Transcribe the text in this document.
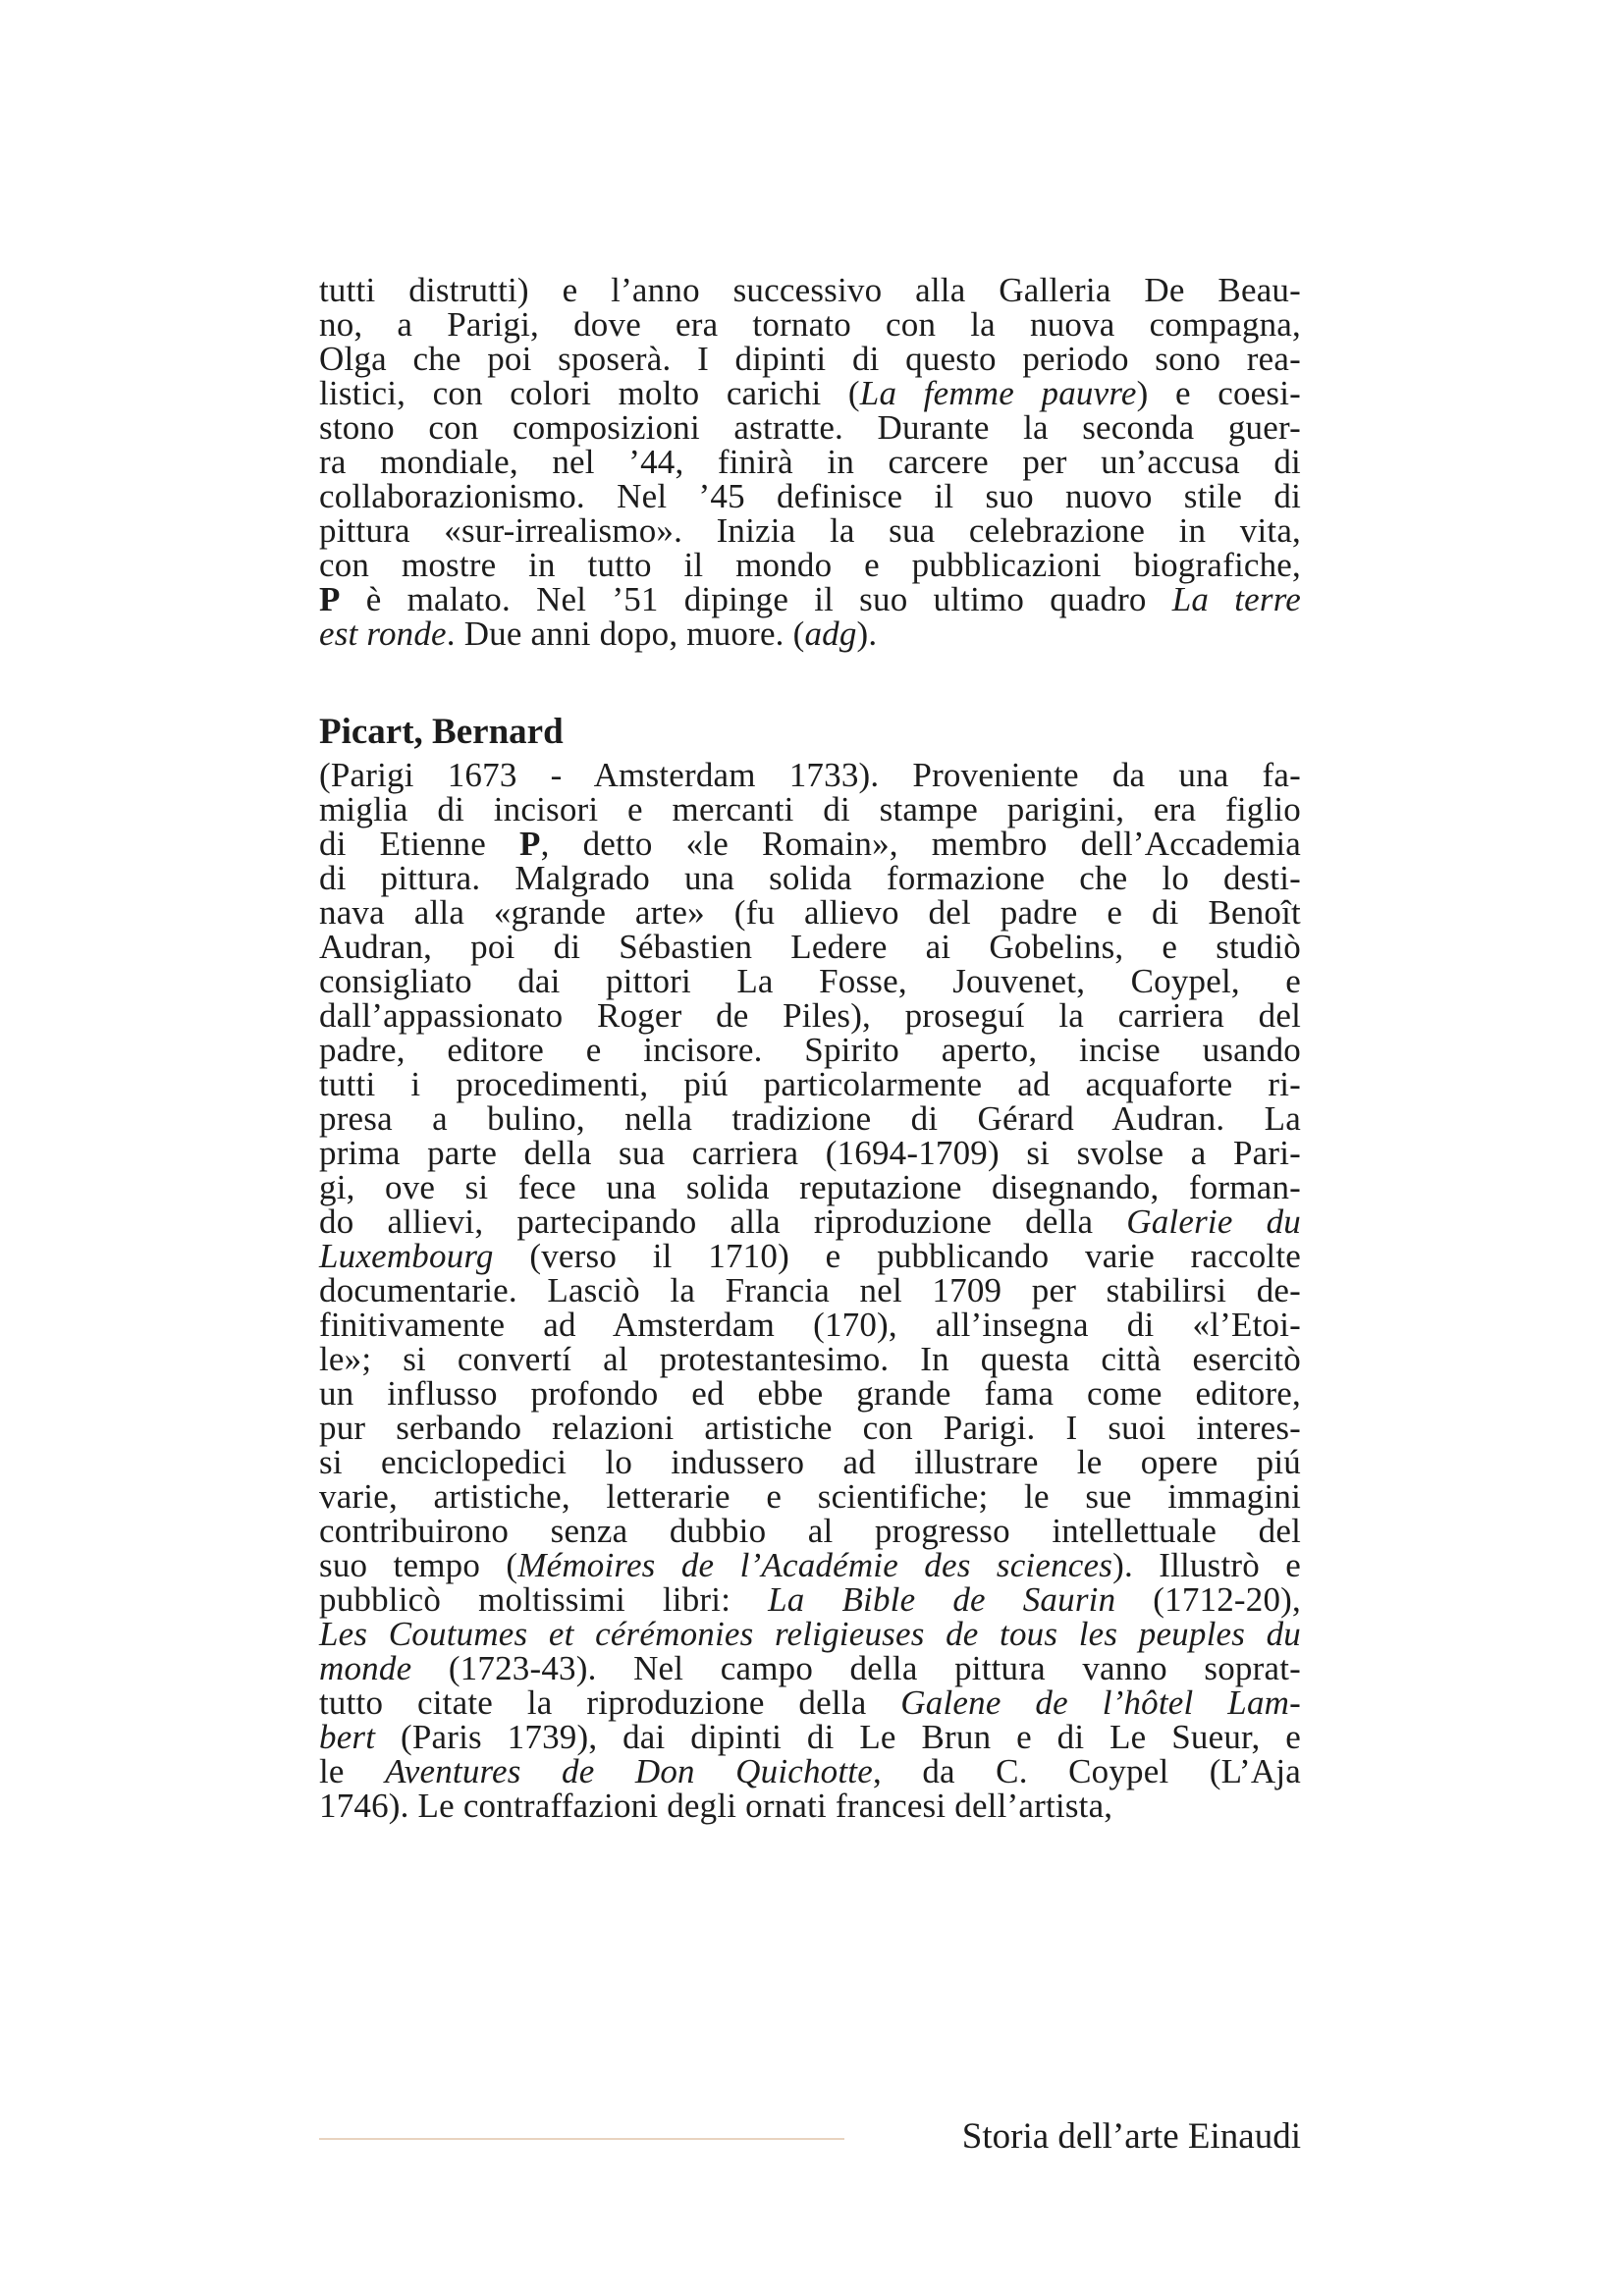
tutti distrutti) e l’anno successivo alla Galleria De Beau-
no, a Parigi, dove era tornato con la nuova compagna,
Olga che poi sposerà. I dipinti di questo periodo sono rea-
listici, con colori molto carichi (La femme pauvre) e coesi-
stono con composizioni astratte. Durante la seconda guer-
ra mondiale, nel ’44, finirà in carcere per un’accusa di
collaborazionismo. Nel ’45 definisce il suo nuovo stile di
pittura «sur-irrealismo». Inizia la sua celebrazione in vita,
con mostre in tutto il mondo e pubblicazioni biografiche,
P è malato. Nel ’51 dipinge il suo ultimo quadro La terre
est ronde. Due anni dopo, muore. (adg).

Picart, Bernard

(Parigi 1673 - Amsterdam 1733). Proveniente da una fa-
miglia di incisori e mercanti di stampe parigini, era figlio
di Etienne P, detto «le Romain», membro dell’Accademia
di pittura. Malgrado una solida formazione che lo desti-
nava alla «grande arte» (fu allievo del padre e di Benoît
Audran, poi di Sébastien Ledere ai Gobelins, e studiò
consigliato dai pittori La Fosse, Jouvenet, Coypel, e
dall’appassionato Roger de Piles), proseguí la carriera del
padre, editore e incisore. Spirito aperto, incise usando
tutti i procedimenti, piú particolarmente ad acquaforte ri-
presa a bulino, nella tradizione di Gérard Audran. La
prima parte della sua carriera (1694-1709) si svolse a Pari-
gi, ove si fece una solida reputazione disegnando, forman-
do allievi, partecipando alla riproduzione della Galerie du
Luxembourg (verso il 1710) e pubblicando varie raccolte
documentarie. Lasciò la Francia nel 1709 per stabilirsi de-
finitivamente ad Amsterdam (170), all’insegna di «l’Etoi-
le»; si convertí al protestantesimo. In questa città esercitò
un influsso profondo ed ebbe grande fama come editore,
pur serbando relazioni artistiche con Parigi. I suoi interes-
si enciclopedici lo indussero ad illustrare le opere piú
varie, artistiche, letterarie e scientifiche; le sue immagini
contribuirono senza dubbio al progresso intellettuale del
suo tempo (Mémoires de l’Académie des sciences). Illustrò e
pubblicò moltissimi libri: La Bible de Saurin (1712-20),
Les Coutumes et cérémonies religieuses de tous les peuples du
monde (1723-43). Nel campo della pittura vanno soprat-
tutto citate la riproduzione della Galene de l’hôtel Lam-
bert (Paris 1739), dai dipinti di Le Brun e di Le Sueur, e
le Aventures de Don Quichotte, da C. Coypel (L’Aja
1746). Le contraffazioni degli ornati francesi dell’artista,

Storia dell’arte Einaudi
